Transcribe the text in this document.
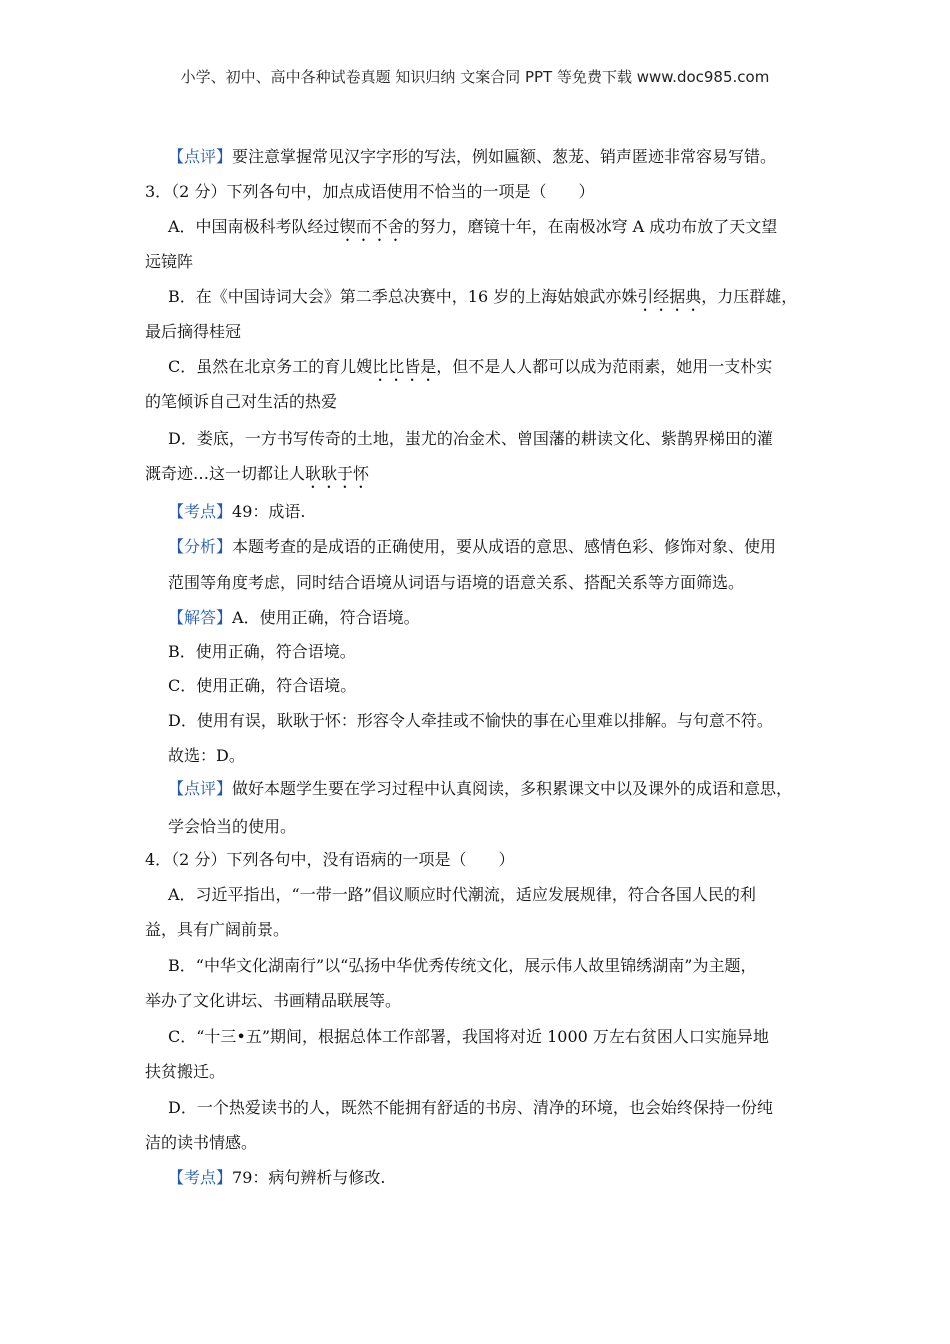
小学、初中、高中各种试卷真题 知识归纳 文案合同 PPT 等免费下载 www.doc985.com
【点评】要注意掌握常见汉字字形的写法，例如匾额、葱茏、销声匿迹非常容易写错。
3．（2 分）下列各句中，加点成语使用不恰当的一项是（　　）
A．中国南极科考队经过锲而不舍的努力，磨镜十年，在南极冰穹 A 成功布放了天文望
远镜阵
B．在《中国诗词大会》第二季总决赛中，16 岁的上海姑娘武亦姝引经据典，力压群雄，
最后摘得桂冠
C．虽然在北京务工的育儿嫂比比皆是，但不是人人都可以成为范雨素，她用一支朴实
的笔倾诉自己对生活的热爱
D．娄底，一方书写传奇的土地，蚩尤的冶金术、曾国藩的耕读文化、紫鹊界梯田的灌
溉奇迹…这一切都让人耿耿于怀
【考点】49：成语.
【分析】本题考查的是成语的正确使用，要从成语的意思、感情色彩、修饰对象、使用
范围等角度考虑，同时结合语境从词语与语境的语意关系、搭配关系等方面筛选。
【解答】A．使用正确，符合语境。
B．使用正确，符合语境。
C．使用正确，符合语境。
D．使用有误，耿耿于怀：形容令人牵挂或不愉快的事在心里难以排解。与句意不符。
故选：D。
【点评】做好本题学生要在学习过程中认真阅读，多积累课文中以及课外的成语和意思，
学会恰当的使用。
4．（2 分）下列各句中，没有语病的一项是（　　）
A．习近平指出，“一带一路”倡议顺应时代潮流，适应发展规律，符合各国人民的利
益，具有广阔前景。
B．“中华文化湖南行”以“弘扬中华优秀传统文化，展示伟人故里锦绣湖南”为主题，
举办了文化讲坛、书画精品联展等。
C．“十三•五”期间，根据总体工作部署，我国将对近 1000 万左右贫困人口实施异地
扶贫搬迁。
D．一个热爱读书的人，既然不能拥有舒适的书房、清净的环境，也会始终保持一份纯
洁的读书情感。
【考点】79：病句辨析与修改.
